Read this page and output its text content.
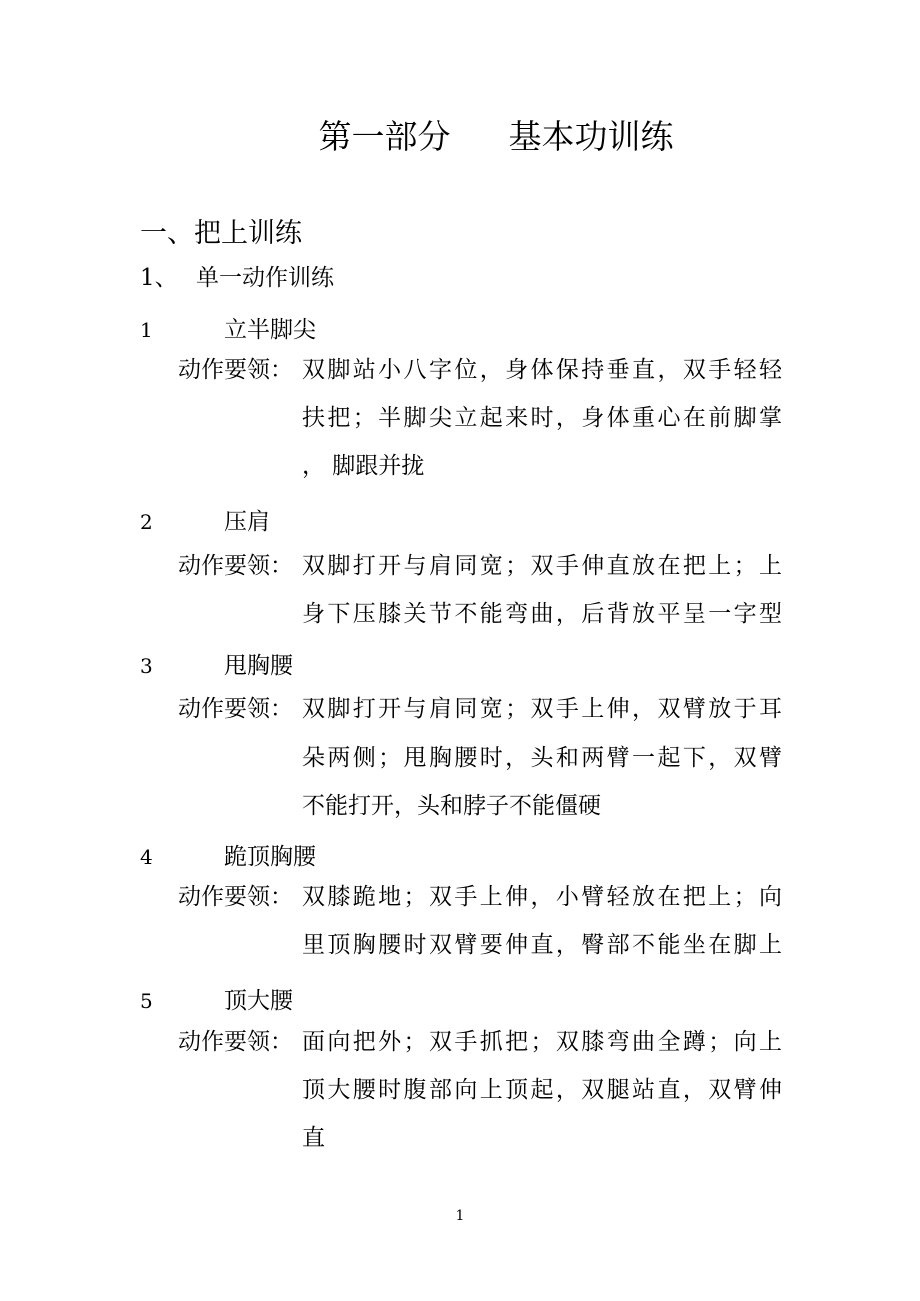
第一部分 基本功训练
一、把上训练
1、 单一动作训练
1	立半脚尖
动作要领： 双脚站小八字位，身体保持垂直，双手轻轻
扶把；半脚尖立起来时，身体重心在前脚掌
， 脚跟并拢
2	压肩
动作要领： 双脚打开与肩同宽；双手伸直放在把上；上
身下压膝关节不能弯曲，后背放平呈一字型
3	甩胸腰
动作要领： 双脚打开与肩同宽；双手上伸，双臂放于耳
朵两侧；甩胸腰时，头和两臂一起下，双臂
不能打开，头和脖子不能僵硬
4	跪顶胸腰
动作要领： 双膝跪地；双手上伸，小臂轻放在把上；向
里顶胸腰时双臂要伸直，臀部不能坐在脚上
5	顶大腰
动作要领： 面向把外；双手抓把；双膝弯曲全蹲；向上
顶大腰时腹部向上顶起，双腿站直，双臂伸
直
1
